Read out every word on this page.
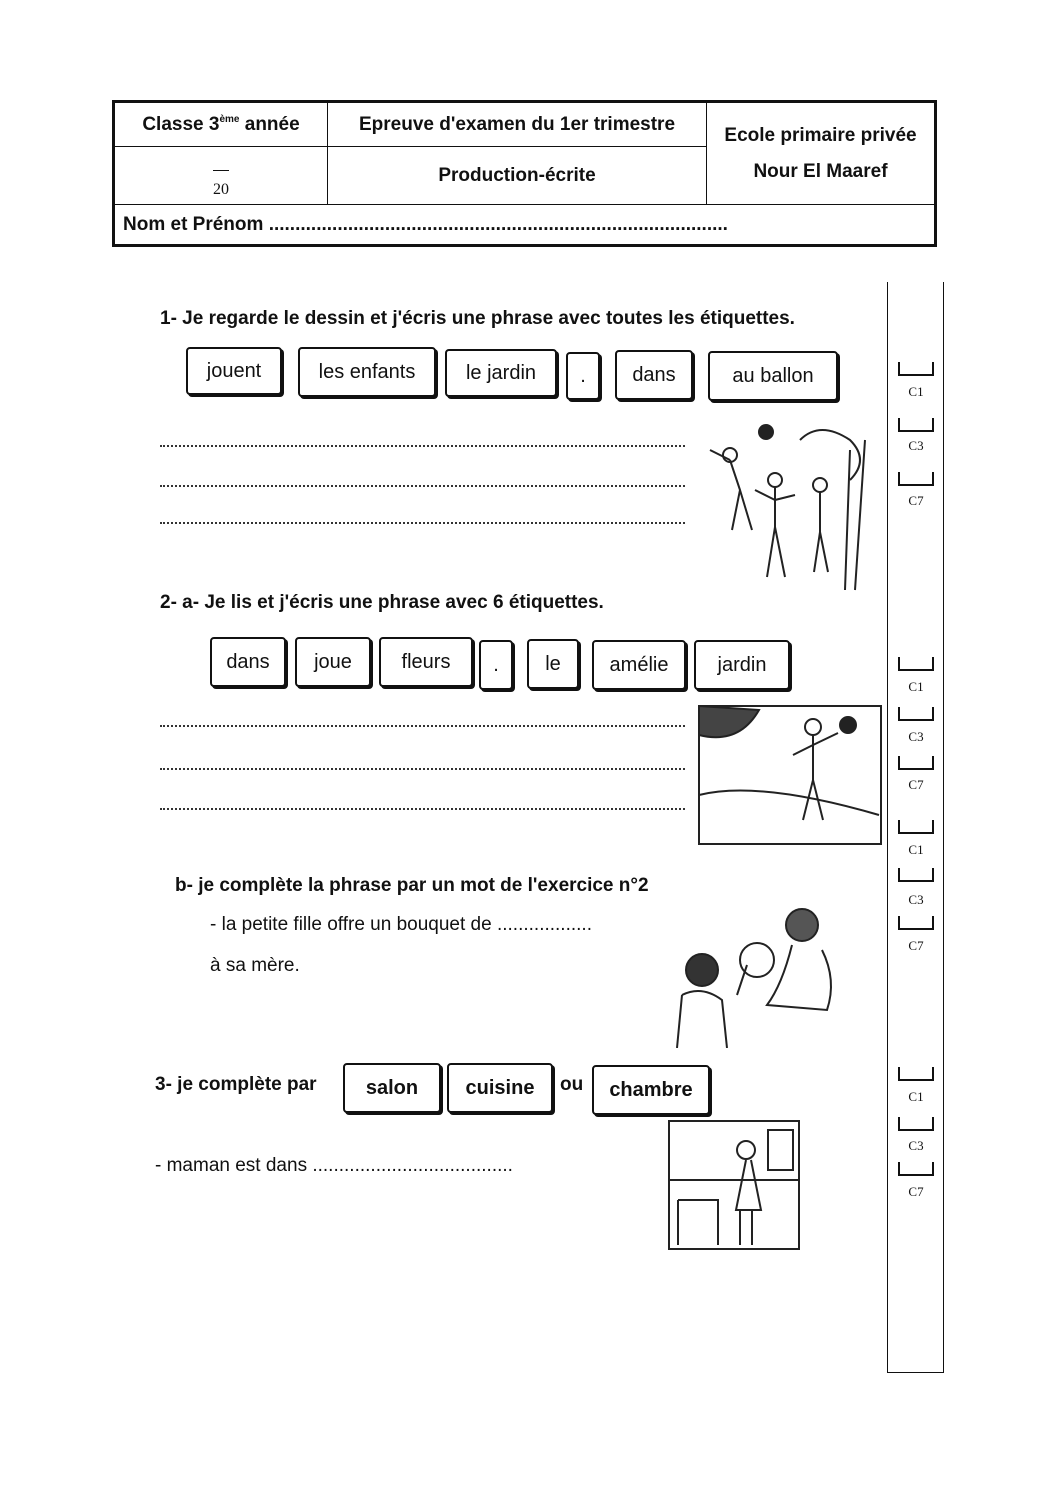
Classe 3ème année	Epreuve d'examen du 1er trimestre	Ecole primaire privée
Nour El Maaref

20	Production-écrite	
Nom et Prénom .......................................................................................		
1- Je regarde le dessin et j'écris une phrase avec toutes les étiquettes.
jouent	les enfants	le jardin	.	dans	au ballon
2- a- Je lis et j'écris une phrase avec 6 étiquettes.
dans	joue	fleurs	.	le	amélie	jardin
b- je complète la phrase par un mot de l'exercice n°2
- la petite fille offre un bouquet de ..................
à sa mère.
3- je complète par	salon	cuisine	ou	chambre
- maman est dans ......................................
C1
C3
C7
C1
C3
C7
C1
C3
C7
C1
C3
C7
